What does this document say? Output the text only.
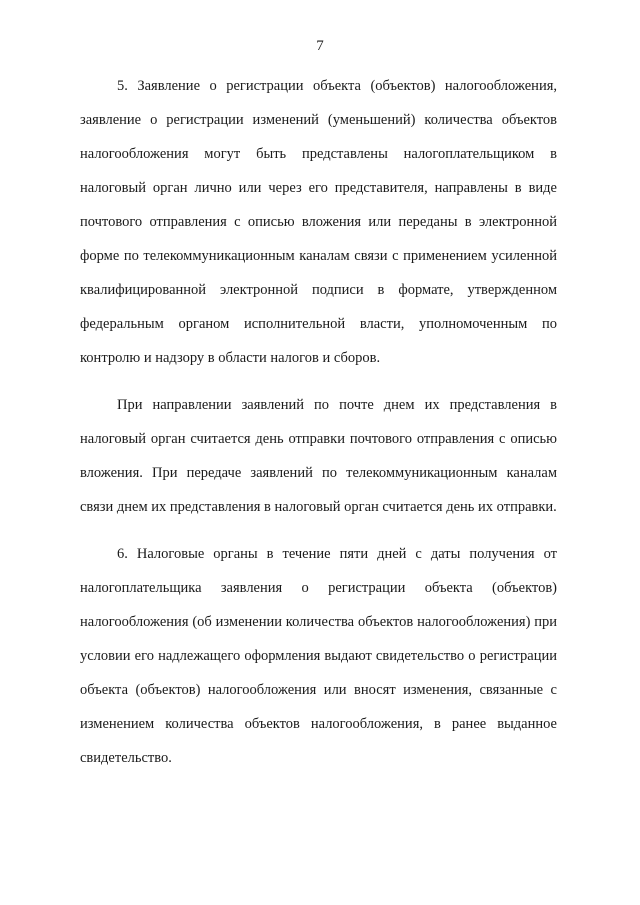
7

5. Заявление о регистрации объекта (объектов) налогообложения, заявление о регистрации изменений (уменьшений) количества объектов налогообложения могут быть представлены налогоплательщиком в налоговый орган лично или через его представителя, направлены в виде почтового отправления с описью вложения или переданы в электронной форме по телекоммуникационным каналам связи с применением усиленной квалифицированной электронной подписи в формате, утвержденном федеральным органом исполнительной власти, уполномоченным по контролю и надзору в области налогов и сборов.

При направлении заявлений по почте днем их представления в налоговый орган считается день отправки почтового отправления с описью вложения. При передаче заявлений по телекоммуникационным каналам связи днем их представления в налоговый орган считается день их отправки.

6. Налоговые органы в течение пяти дней с даты получения от налогоплательщика заявления о регистрации объекта (объектов) налогообложения (об изменении количества объектов налогообложения) при условии его надлежащего оформления выдают свидетельство о регистрации объекта (объектов) налогообложения или вносят изменения, связанные с изменением количества объектов налогообложения, в ранее выданное свидетельство.
